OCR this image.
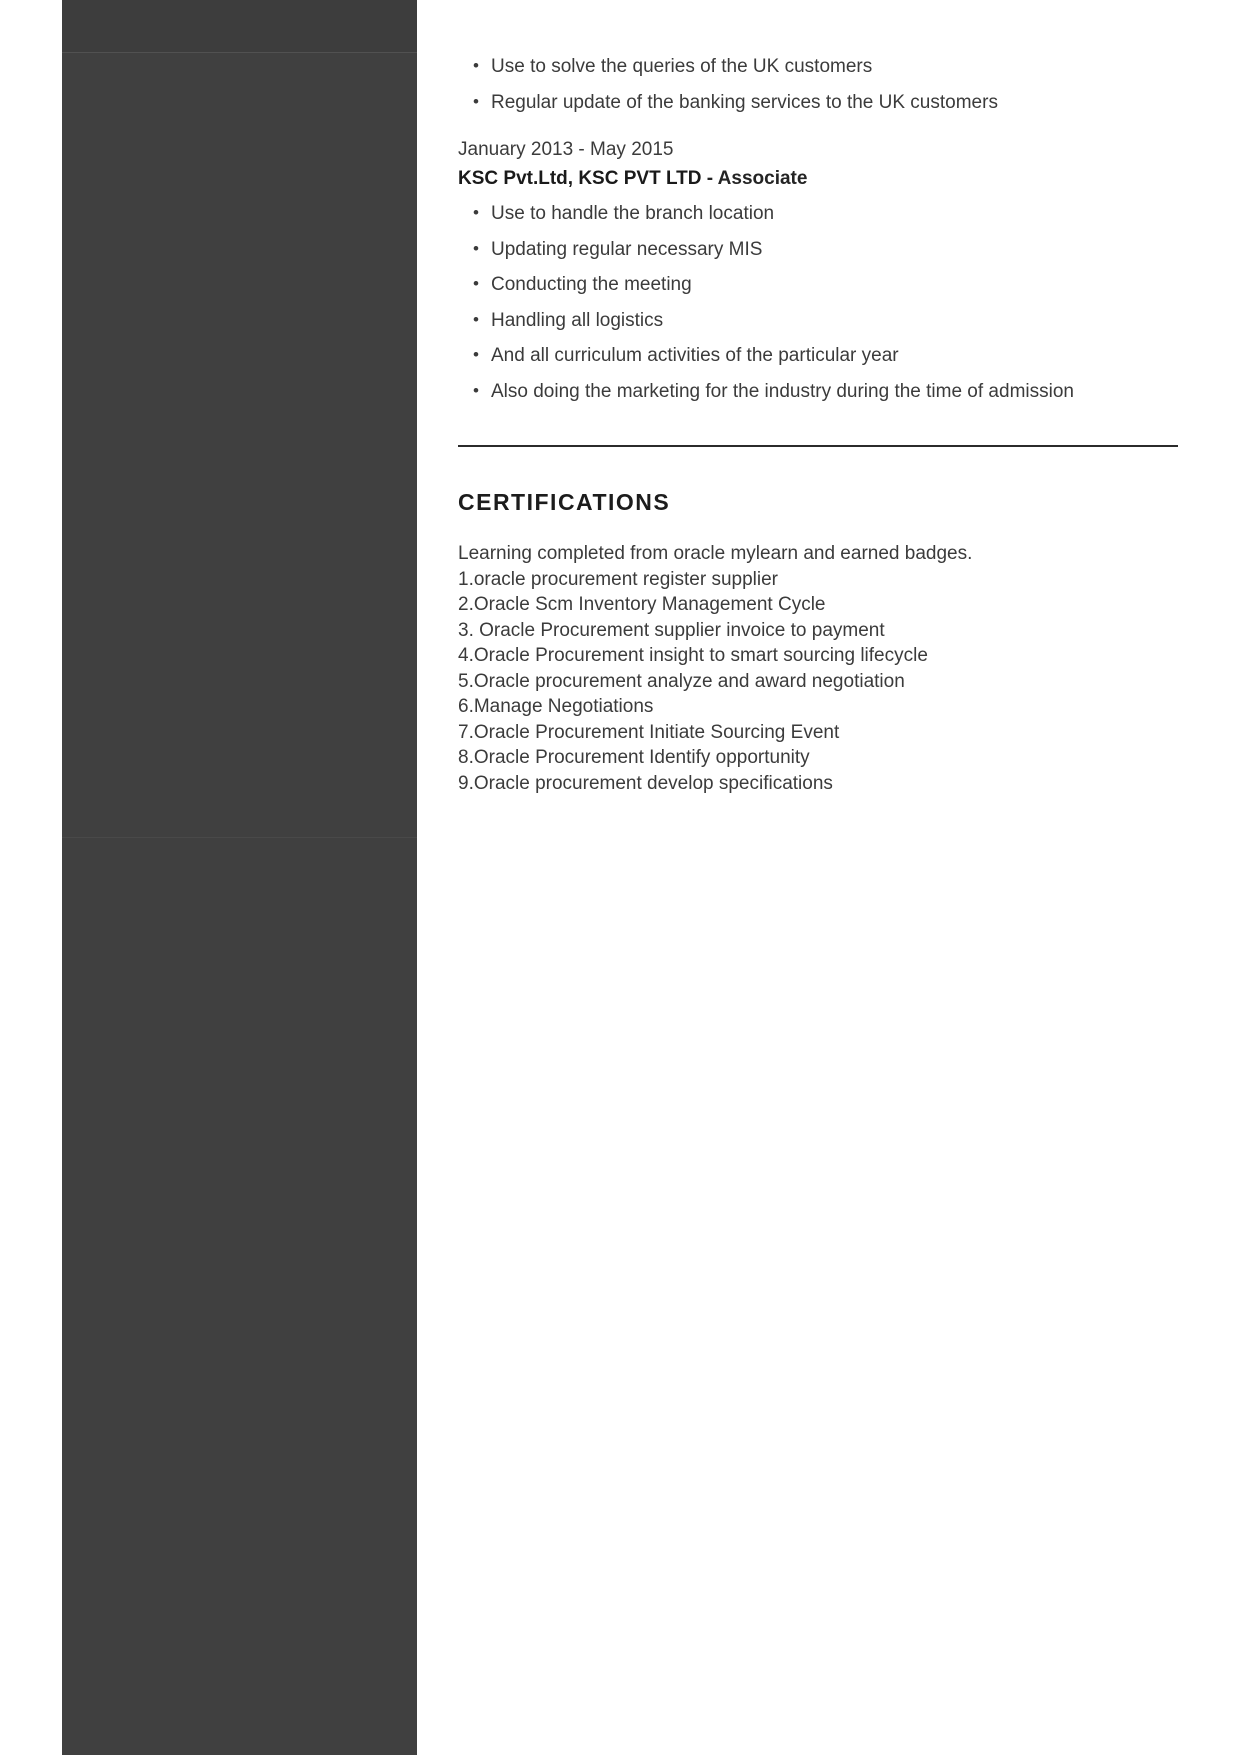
• Use to solve the queries of the UK customers
• Regular update of the banking services to the UK customers
January 2013 - May 2015
KSC Pvt.Ltd, KSC PVT LTD - Associate
• Use to handle the branch location
• Updating regular necessary MIS
• Conducting the meeting
• Handling all logistics
• And all curriculum activities of the particular year
• Also doing the marketing for the industry during the time of admission
CERTIFICATIONS
Learning completed from oracle mylearn and earned badges.
1.oracle procurement register supplier
2.Oracle Scm Inventory Management Cycle
3. Oracle Procurement supplier invoice to payment
4.Oracle Procurement insight to smart sourcing lifecycle
5.Oracle procurement analyze and award negotiation
6.Manage Negotiations
7.Oracle Procurement Initiate Sourcing Event
8.Oracle Procurement Identify opportunity
9.Oracle procurement develop specifications
